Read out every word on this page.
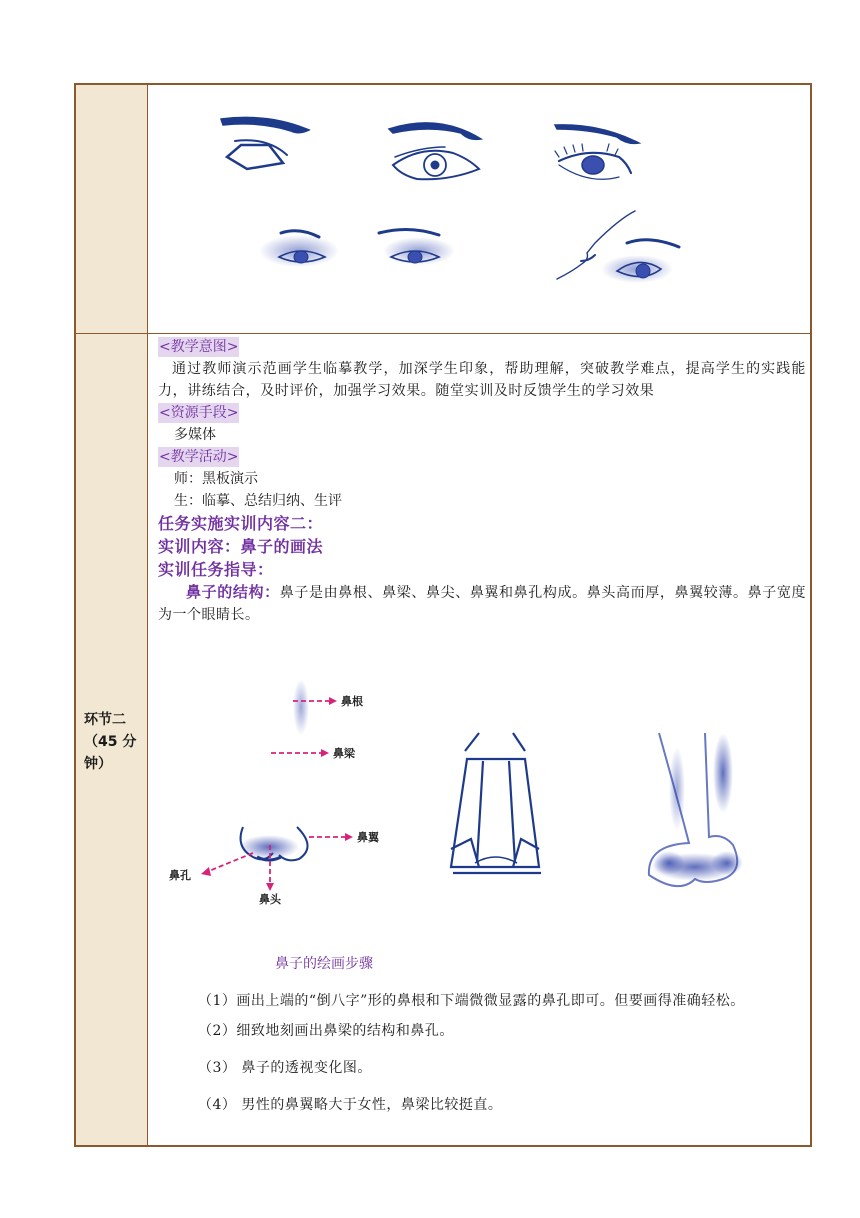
环节二（45 分钟）
<教学意图>
通过教师演示范画学生临摹教学，加深学生印象，帮助理解，突破教学难点，提高学生的实践能力，讲练结合，及时评价，加强学习效果。随堂实训及时反馈学生的学习效果
<资源手段>
多媒体
<教学活动>
师：黑板演示
生：临摹、总结归纳、生评
任务实施实训内容二：
实训内容：鼻子的画法
实训任务指导：
鼻子的结构：鼻子是由鼻根、鼻梁、鼻尖、鼻翼和鼻孔构成。鼻头高而厚，鼻翼较薄。鼻子宽度为一个眼睛长。
鼻根
鼻梁
鼻翼
鼻孔
鼻头
鼻子的绘画步骤
（1）画出上端的“倒八字”形的鼻根和下端微微显露的鼻孔即可。但要画得准确轻松。
（2）细致地刻画出鼻梁的结构和鼻孔。
（3） 鼻子的透视变化图。
（4） 男性的鼻翼略大于女性，鼻梁比较挺直。
